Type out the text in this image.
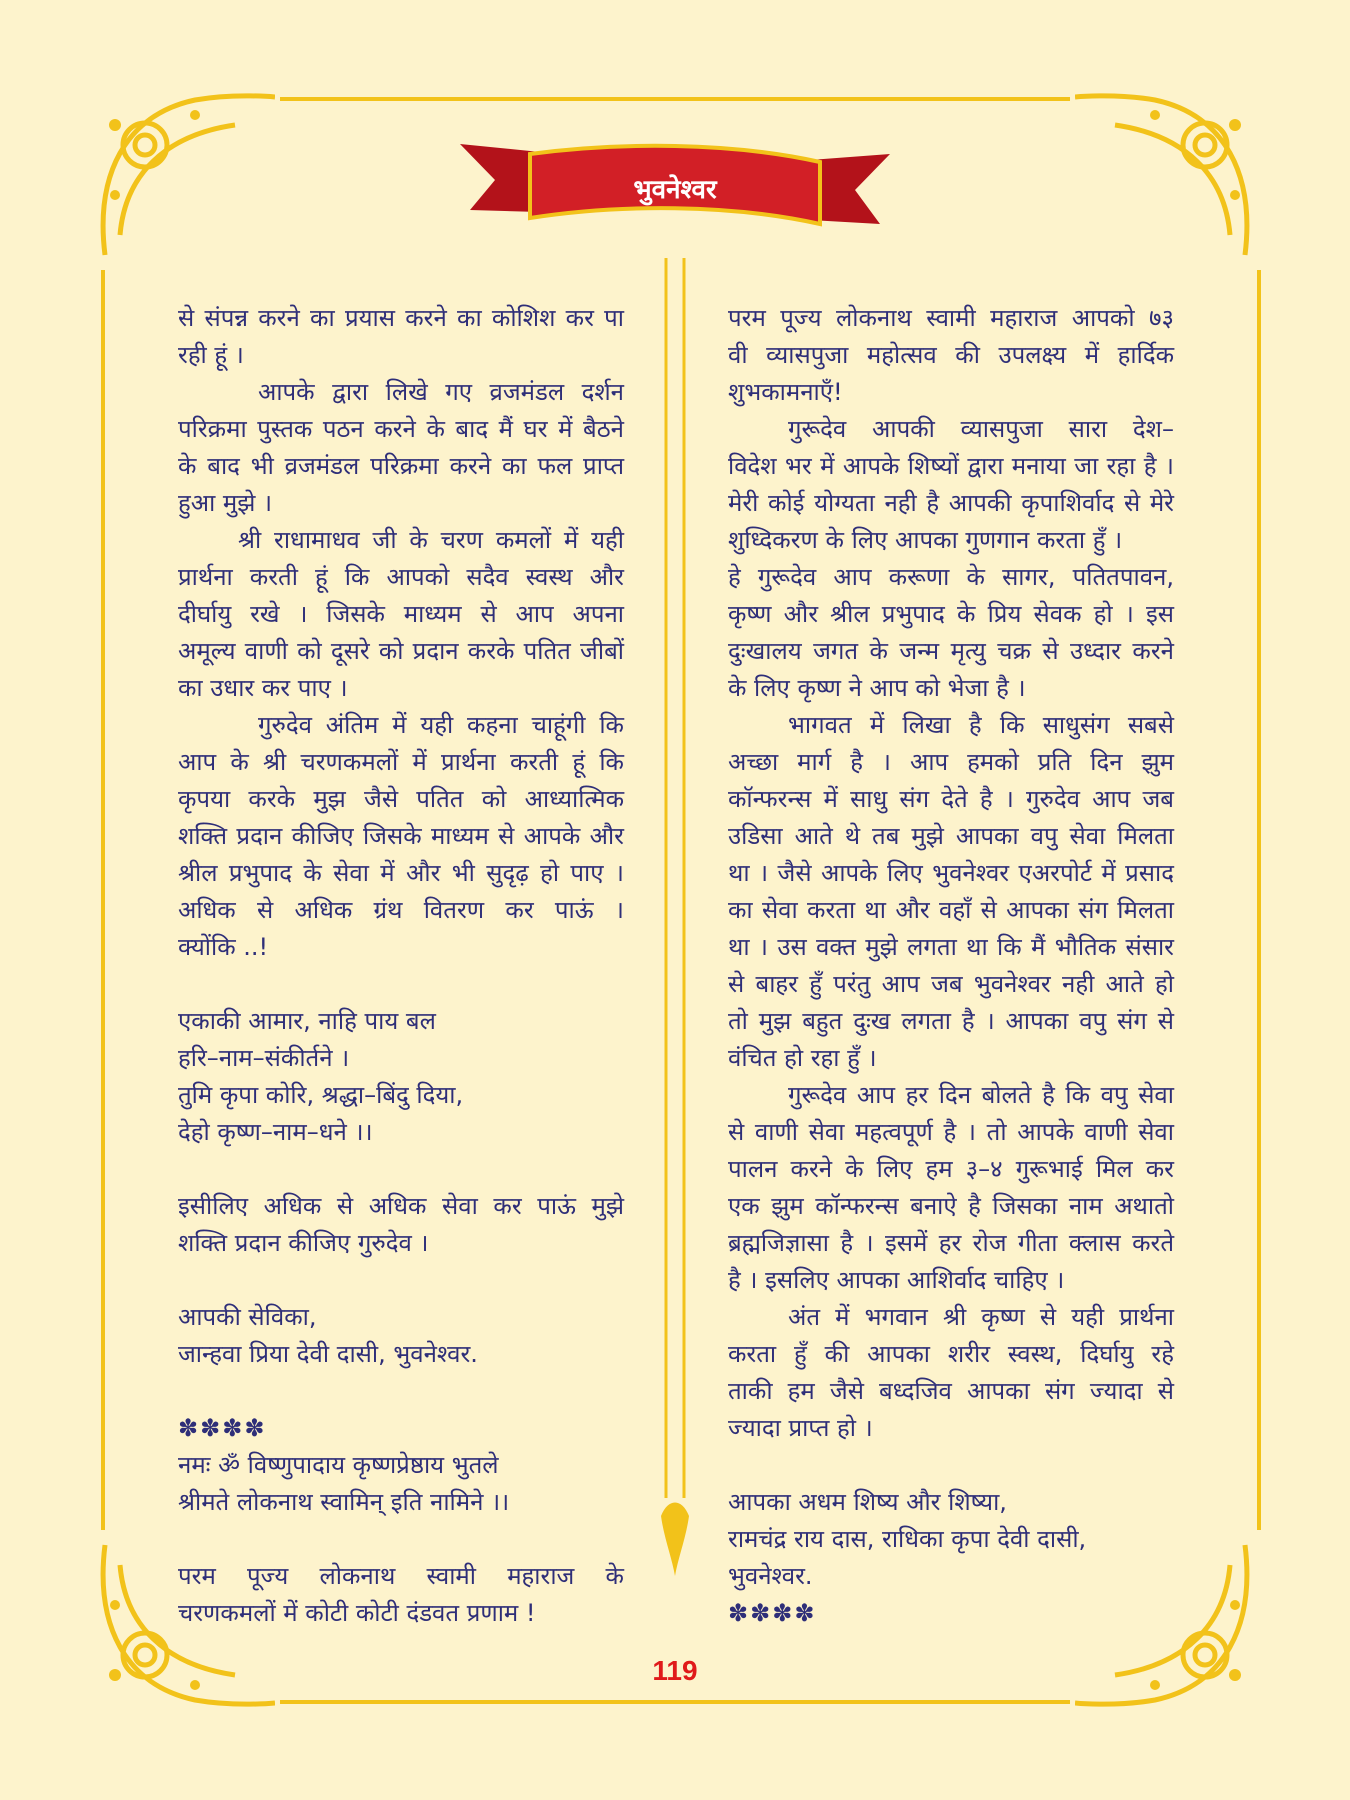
भुवनेश्वर
से संपन्न करने का प्रयास करने का कोशिश कर पा
रही हूं ।
आपके द्वारा लिखे गए व्रजमंडल दर्शन
परिक्रमा पुस्तक पठन करने के बाद मैं घर में बैठने
के बाद भी व्रजमंडल परिक्रमा करने का फल प्राप्त
हुआ मुझे ।
श्री राधामाधव जी के चरण कमलों में यही
प्रार्थना करती हूं कि आपको सदैव स्वस्थ और
दीर्घायु रखे । जिसके माध्यम से आप अपना
अमूल्य वाणी को दूसरे को प्रदान करके पतित जीबों
का उधार कर पाए ।
गुरुदेव अंतिम में यही कहना चाहूंगी कि
आप के श्री चरणकमलों में प्रार्थना करती हूं कि
कृपया करके मुझ जैसे पतित को आध्यात्मिक
शक्ति प्रदान कीजिए जिसके माध्यम से आपके और
श्रील प्रभुपाद के सेवा में और भी सुदृढ़ हो पाए ।
अधिक से अधिक ग्रंथ वितरण कर पाऊं ।
क्योंकि ..!
एकाकी आमार, नाहि पाय बल
हरि–नाम–संकीर्तने ।
तुमि कृपा कोरि, श्रद्धा–बिंदु दिया,
देहो कृष्ण–नाम–धने ।।
इसीलिए अधिक से अधिक सेवा कर पाऊं मुझे
शक्ति प्रदान कीजिए गुरुदेव ।
आपकी सेविका,
जान्हवा प्रिया देवी दासी, भुवनेश्वर.
✽✽✽✽
नमः ॐ विष्णुपादाय कृष्णप्रेष्ठाय भुतले
श्रीमते लोकनाथ स्वामिन् इति नामिने ।।
परम पूज्य लोकनाथ स्वामी महाराज के
चरणकमलों में कोटी कोटी दंडवत प्रणाम !
परम पूज्य लोकनाथ स्वामी महाराज आपको ७३
वी व्यासपुजा महोत्सव की उपलक्ष्य में हार्दिक
शुभकामनाएँ!
गुरूदेव आपकी व्यासपुजा सारा देश–
विदेश भर में आपके शिष्यों द्वारा मनाया जा रहा है ।
मेरी कोई योग्यता नही है आपकी कृपाशिर्वाद से मेरे
शुध्दिकरण के लिए आपका गुणगान करता हुँ ।
हे गुरूदेव आप करूणा के सागर, पतितपावन,
कृष्ण और श्रील प्रभुपाद के प्रिय सेवक हो । इस
दुःखालय जगत के जन्म मृत्यु चक्र से उध्दार करने
के लिए कृष्ण ने आप को भेजा है ।
भागवत में लिखा है कि साधुसंग सबसे
अच्छा मार्ग है । आप हमको प्रति दिन झुम
कॉन्फरन्स में साधु संग देते है । गुरुदेव आप जब
उडिसा आते थे तब मुझे आपका वपु सेवा मिलता
था । जैसे आपके लिए भुवनेश्वर एअरपोर्ट में प्रसाद
का सेवा करता था और वहाँ से आपका संग मिलता
था । उस वक्त मुझे लगता था कि मैं भौतिक संसार
से बाहर हुँ परंतु आप जब भुवनेश्वर नही आते हो
तो मुझ बहुत दुःख लगता है । आपका वपु संग से
वंचित हो रहा हुँ ।
गुरूदेव आप हर दिन बोलते है कि वपु सेवा
से वाणी सेवा महत्वपूर्ण है । तो आपके वाणी सेवा
पालन करने के लिए हम ३–४ गुरूभाई मिल कर
एक झुम कॉन्फरन्स बनाऐ है जिसका नाम अथातो
ब्रह्मजिज्ञासा है । इसमें हर रोज गीता क्लास करते
है । इसलिए आपका आशिर्वाद चाहिए ।
अंत में भगवान श्री कृष्ण से यही प्रार्थना
करता हुँ की आपका शरीर स्वस्थ, दिर्घायु रहे
ताकी हम जैसे बध्दजिव आपका संग ज्यादा से
ज्यादा प्राप्त हो ।
आपका अधम शिष्य और शिष्या,
रामचंद्र राय दास, राधिका कृपा देवी दासी,
भुवनेश्वर.
✽✽✽✽
119
